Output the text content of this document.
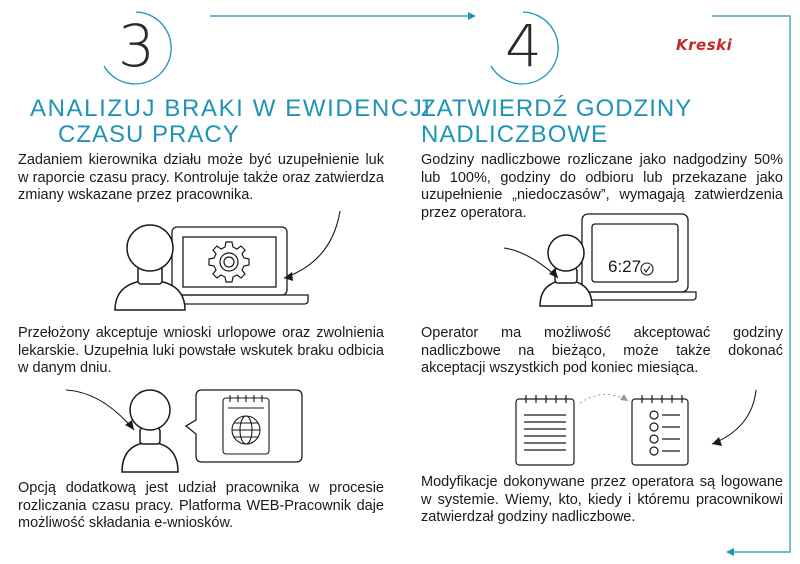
3	4	Kreski
ANALIZUJ BRAKI W EWIDENCJI
CZASU PRACY
ZATWIERDŹ GODZINY
NADLICZBOWE
Zadaniem kierownika działu może być uzupełnienie luk w raporcie czasu pracy. Kontroluje także oraz zatwierdza zmiany wskazane przez pracownika.
Przełożony akceptuje wnioski urlopowe oraz zwolnienia lekarskie. Uzupełnia luki powstałe wskutek braku odbicia w danym dniu.
Opcją dodatkową jest udział pracownika w procesie rozliczania czasu pracy. Platforma WEB-Pracownik daje możliwość składania e-wniosków.
Godziny nadliczbowe rozliczane jako nadgodziny 50% lub 100%, godziny do odbioru lub przekazane jako uzupełnienie „niedoczasów”, wymagają zatwierdzenia przez operatora.
Operator ma możliwość akceptować godziny nadliczbowe na bieżąco, może także dokonać akceptacji wszystkich pod koniec miesiąca.
Modyfikacje dokonywane przez operatora są logowane w systemie. Wiemy, kto, kiedy i któremu pracownikowi zatwierdzał godziny nadliczbowe.
6:27
